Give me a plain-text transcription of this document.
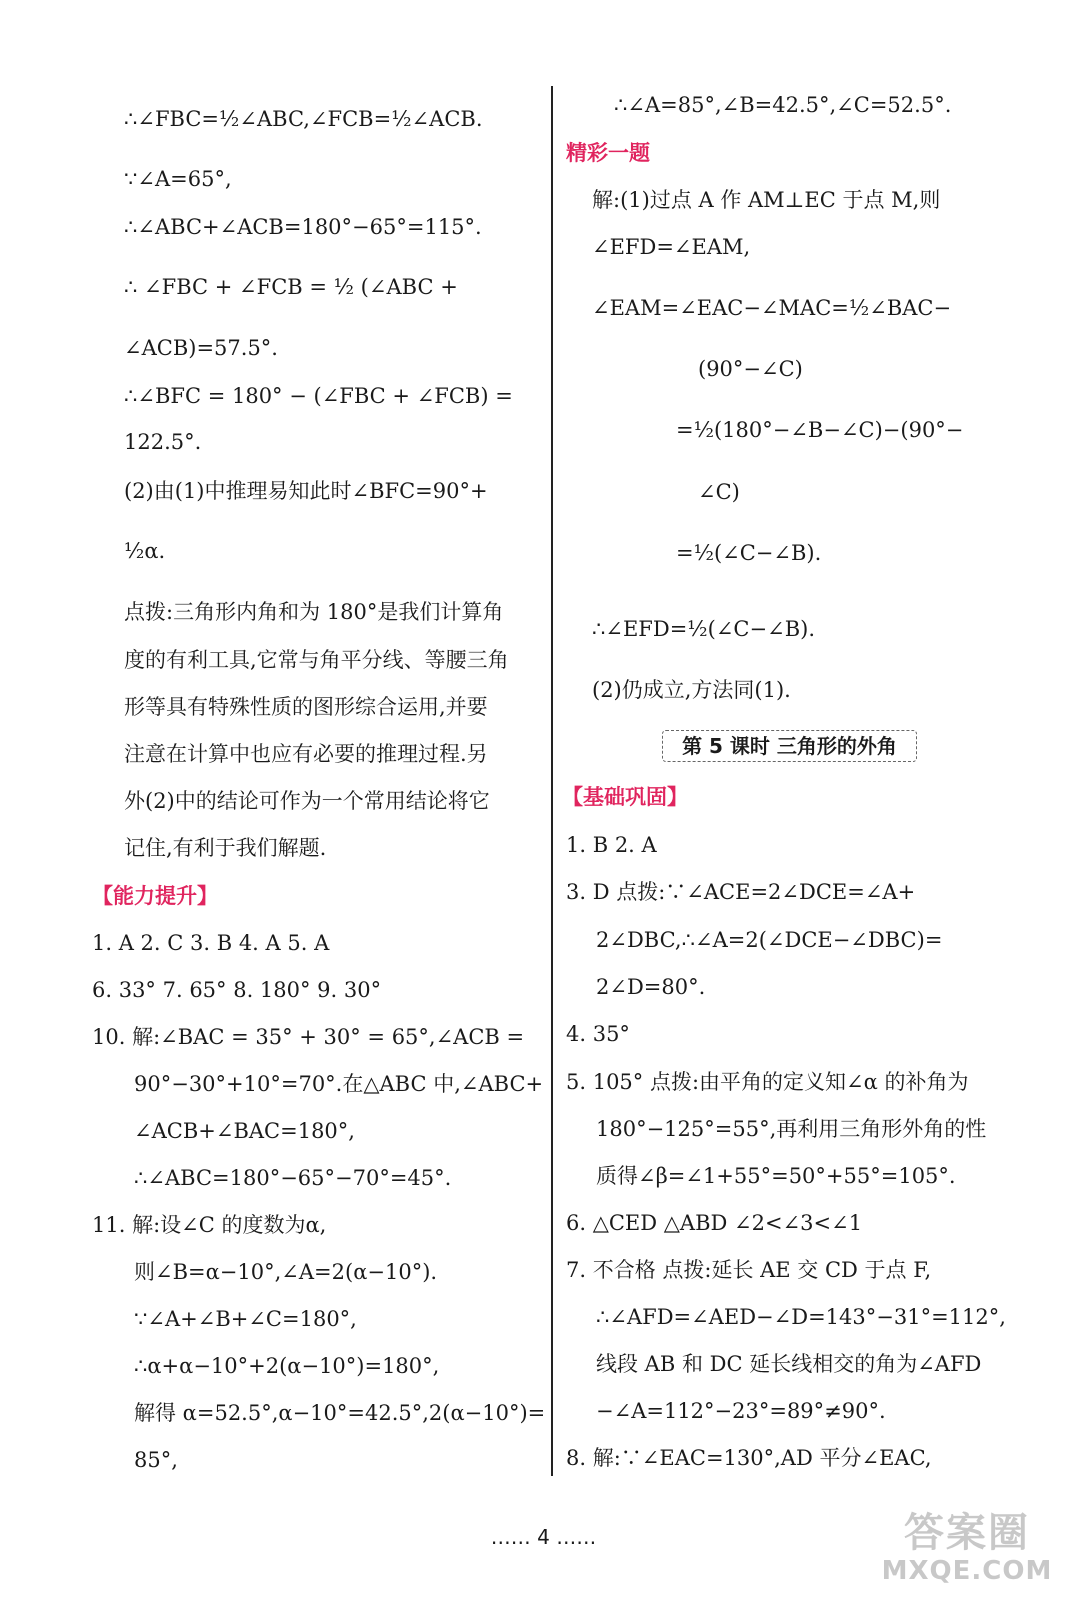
∴∠FBC=½∠ABC,∠FCB=½∠ACB.
∵∠A=65°,
∴∠ABC+∠ACB=180°−65°=115°.
∴ ∠FBC + ∠FCB = ½ (∠ABC +
∠ACB)=57.5°.
∴∠BFC = 180° − (∠FBC + ∠FCB) =
122.5°.
(2)由(1)中推理易知此时∠BFC=90°+
½α.
点拨:三角形内角和为 180°是我们计算角
度的有利工具,它常与角平分线、等腰三角
形等具有特殊性质的图形综合运用,并要
注意在计算中也应有必要的推理过程.另
外(2)中的结论可作为一个常用结论将它
记住,有利于我们解题.
【能力提升】
1. A 2. C 3. B 4. A 5. A
6. 33° 7. 65° 8. 180° 9. 30°
10. 解:∠BAC = 35° + 30° = 65°,∠ACB =
90°−30°+10°=70°.在△ABC 中,∠ABC+
∠ACB+∠BAC=180°,
∴∠ABC=180°−65°−70°=45°.
11. 解:设∠C 的度数为α,
则∠B=α−10°,∠A=2(α−10°).
∵∠A+∠B+∠C=180°,
∴α+α−10°+2(α−10°)=180°,
解得 α=52.5°,α−10°=42.5°,2(α−10°)=
85°,
∴∠A=85°,∠B=42.5°,∠C=52.5°.
精彩一题
解:(1)过点 A 作 AM⊥EC 于点 M,则
∠EFD=∠EAM,
∠EAM=∠EAC−∠MAC=½∠BAC−
(90°−∠C)
=½(180°−∠B−∠C)−(90°−
∠C)
=½(∠C−∠B).
∴∠EFD=½(∠C−∠B).
(2)仍成立,方法同(1).
【基础巩固】
1. B 2. A
3. D 点拨:∵∠ACE=2∠DCE=∠A+
2∠DBC,∴∠A=2(∠DCE−∠DBC)=
2∠D=80°.
4. 35°
5. 105° 点拨:由平角的定义知∠α 的补角为
180°−125°=55°,再利用三角形外角的性
质得∠β=∠1+55°=50°+55°=105°.
6. △CED △ABD ∠2<∠3<∠1
7. 不合格 点拨:延长 AE 交 CD 于点 F,
∴∠AFD=∠AED−∠D=143°−31°=112°,
线段 AB 和 DC 延长线相交的角为∠AFD
−∠A=112°−23°=89°≠90°.
8. 解:∵∠EAC=130°,AD 平分∠EAC,
第 5 课时 三角形的外角
…… 4 ……	答案圈
MXQE.COM
